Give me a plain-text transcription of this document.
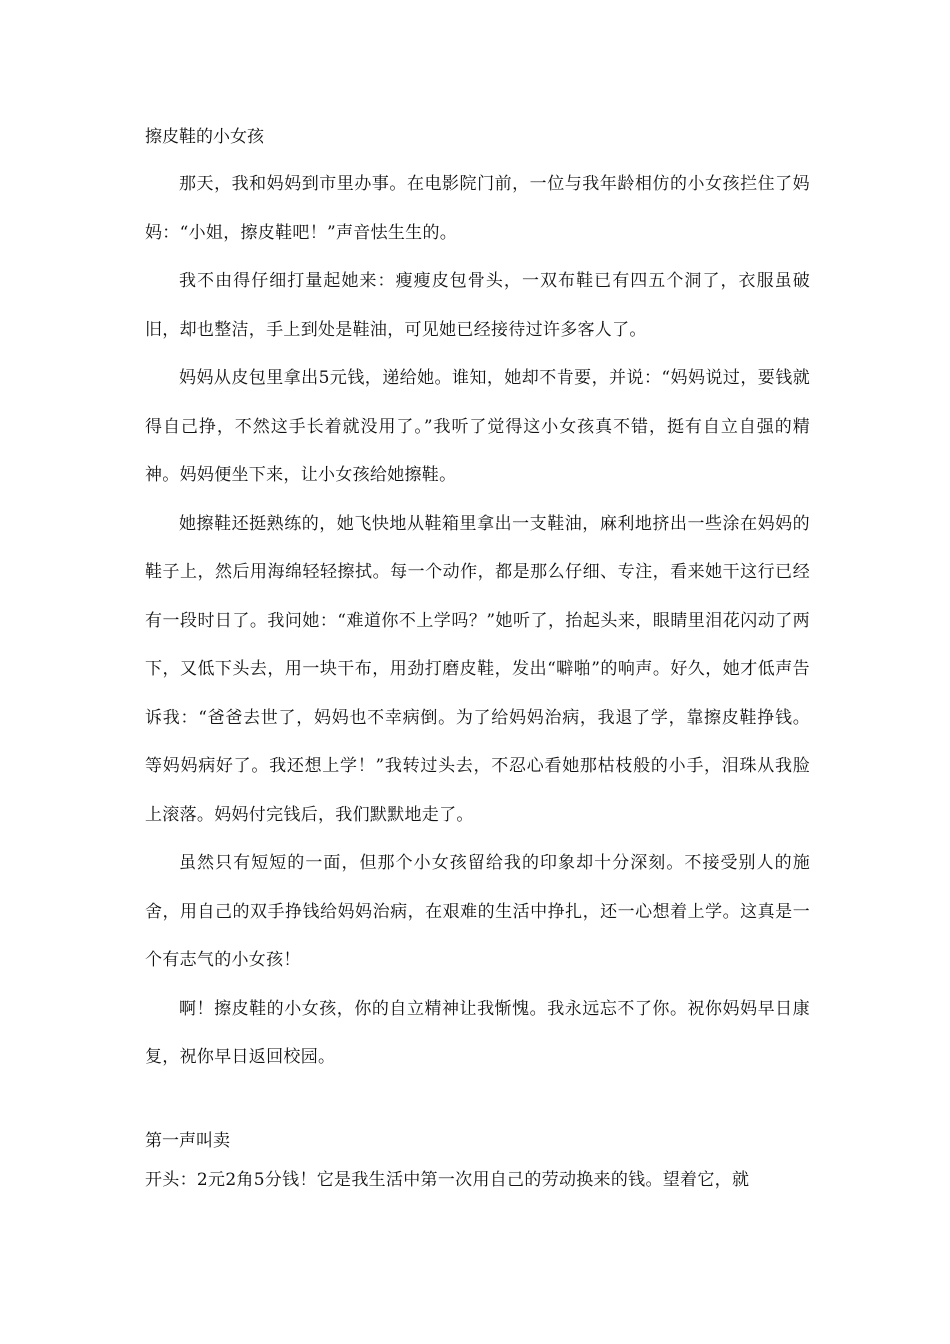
擦皮鞋的小女孩

那天，我和妈妈到市里办事。在电影院门前，一位与我年龄相仿的小女孩拦住了妈妈：“小姐，擦皮鞋吧！”声音怯生生的。

我不由得仔细打量起她来：瘦瘦皮包骨头，一双布鞋已有四五个洞了，衣服虽破旧，却也整洁，手上到处是鞋油，可见她已经接待过许多客人了。

妈妈从皮包里拿出5元钱，递给她。谁知，她却不肯要，并说：“妈妈说过，要钱就得自己挣，不然这手长着就没用了。”我听了觉得这小女孩真不错，挺有自立自强的精神。妈妈便坐下来，让小女孩给她擦鞋。

她擦鞋还挺熟练的，她飞快地从鞋箱里拿出一支鞋油，麻利地挤出一些涂在妈妈的鞋子上，然后用海绵轻轻擦拭。每一个动作，都是那么仔细、专注，看来她干这行已经有一段时日了。我问她：“难道你不上学吗？”她听了，抬起头来，眼睛里泪花闪动了两下，又低下头去，用一块干布，用劲打磨皮鞋，发出“噼啪”的响声。好久，她才低声告诉我：“爸爸去世了，妈妈也不幸病倒。为了给妈妈治病，我退了学，靠擦皮鞋挣钱。等妈妈病好了。我还想上学！”我转过头去，不忍心看她那枯枝般的小手，泪珠从我脸上滚落。妈妈付完钱后，我们默默地走了。

虽然只有短短的一面，但那个小女孩留给我的印象却十分深刻。不接受别人的施舍，用自己的双手挣钱给妈妈治病，在艰难的生活中挣扎，还一心想着上学。这真是一个有志气的小女孩！

啊！擦皮鞋的小女孩，你的自立精神让我惭愧。我永远忘不了你。祝你妈妈早日康复，祝你早日返回校园。

第一声叫卖

开头：2元2角5分钱！它是我生活中第一次用自己的劳动换来的钱。望着它，就
